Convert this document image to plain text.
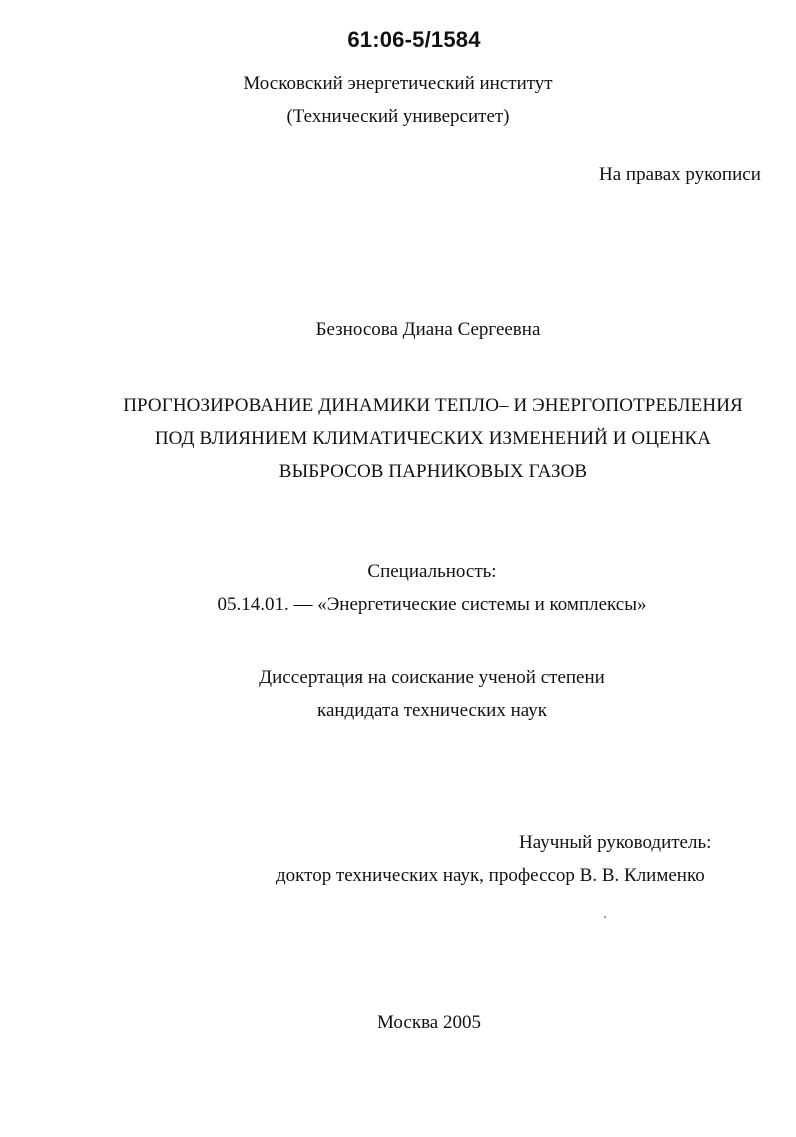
61:06-5/1584
Московский энергетический институт
(Технический университет)
На правах рукописи
Безносова Диана Сергеевна
ПРОГНОЗИРОВАНИЕ ДИНАМИКИ ТЕПЛО– И ЭНЕРГОПОТРЕБЛЕНИЯ
ПОД ВЛИЯНИЕМ КЛИМАТИЧЕСКИХ ИЗМЕНЕНИЙ И ОЦЕНКА
ВЫБРОСОВ ПАРНИКОВЫХ ГАЗОВ
Специальность:
05.14.01. — «Энергетические системы и комплексы»
Диссертация на соискание ученой степени
кандидата технических наук
Научный руководитель:
доктор технических наук, профессор В. В. Клименко
Москва 2005
